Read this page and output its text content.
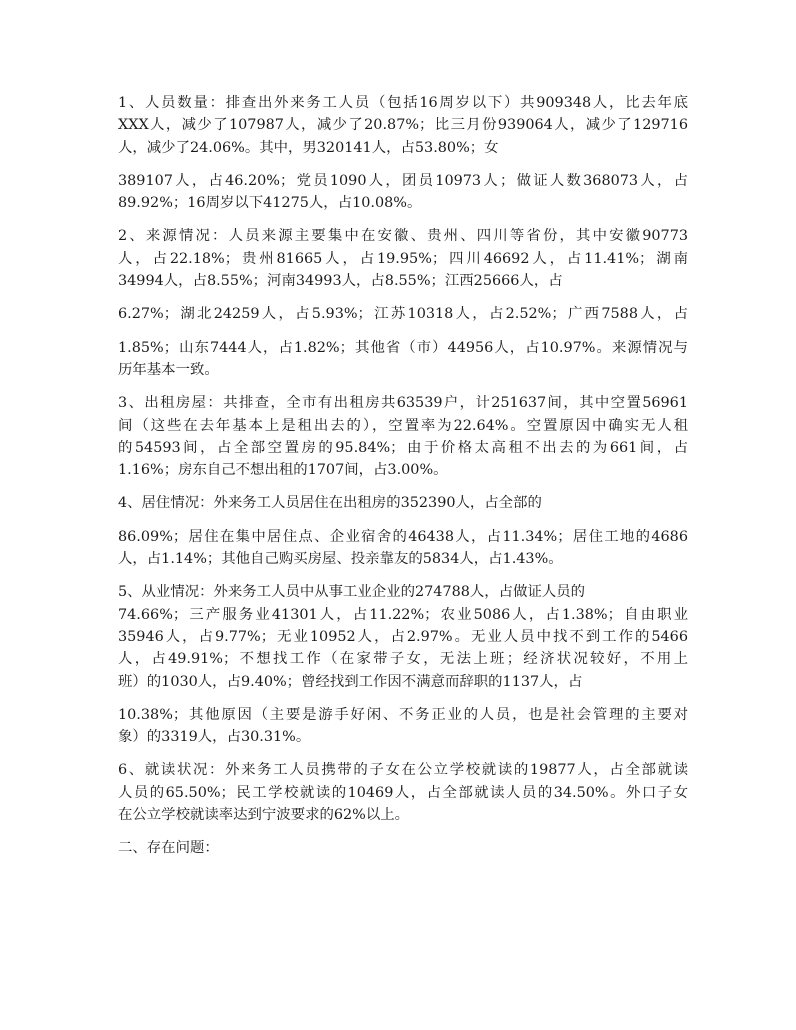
1、人员数量：排查出外来务工人员（包括16周岁以下）共909348人，比去年底
XXX人，减少了107987人，减少了20.87%；比三月份939064人，减少了129716
人，减少了24.06%。其中，男320141人，占53.80%；女
389107人，占46.20%；党员1090人，团员10973人；做证人数368073人，占
89.92%；16周岁以下41275人，占10.08%。
2、来源情况：人员来源主要集中在安徽、贵州、四川等省份，其中安徽90773
人，占22.18%；贵州81665人，占19.95%；四川46692人，占11.41%；湖南
34994人，占8.55%；河南34993人，占8.55%；江西25666人，占
6.27%；湖北24259人，占5.93%；江苏10318人，占2.52%；广西7588人，占
1.85%；山东7444人，占1.82%；其他省（市）44956人，占10.97%。来源情况与
历年基本一致。
3、出租房屋：共排查，全市有出租房共63539户，计251637间，其中空置56961
间（这些在去年基本上是租出去的），空置率为22.64%。空置原因中确实无人租
的54593间，占全部空置房的95.84%；由于价格太高租不出去的为661间，占
1.16%；房东自己不想出租的1707间，占3.00%。
4、居住情况：外来务工人员居住在出租房的352390人，占全部的
86.09%；居住在集中居住点、企业宿舍的46438人，占11.34%；居住工地的4686
人，占1.14%；其他自己购买房屋、投亲靠友的5834人，占1.43%。
5、从业情况：外来务工人员中从事工业企业的274788人，占做证人员的
74.66%；三产服务业41301人，占11.22%；农业5086人，占1.38%；自由职业
35946人，占9.77%；无业10952人，占2.97%。无业人员中找不到工作的5466
人，占49.91%；不想找工作（在家带子女，无法上班；经济状况较好，不用上
班）的1030人，占9.40%；曾经找到工作因不满意而辞职的1137人，占
10.38%；其他原因（主要是游手好闲、不务正业的人员，也是社会管理的主要对
象）的3319人，占30.31%。
6、就读状况：外来务工人员携带的子女在公立学校就读的19877人，占全部就读
人员的65.50%；民工学校就读的10469人，占全部就读人员的34.50%。外口子女
在公立学校就读率达到宁波要求的62%以上。
二、存在问题：
